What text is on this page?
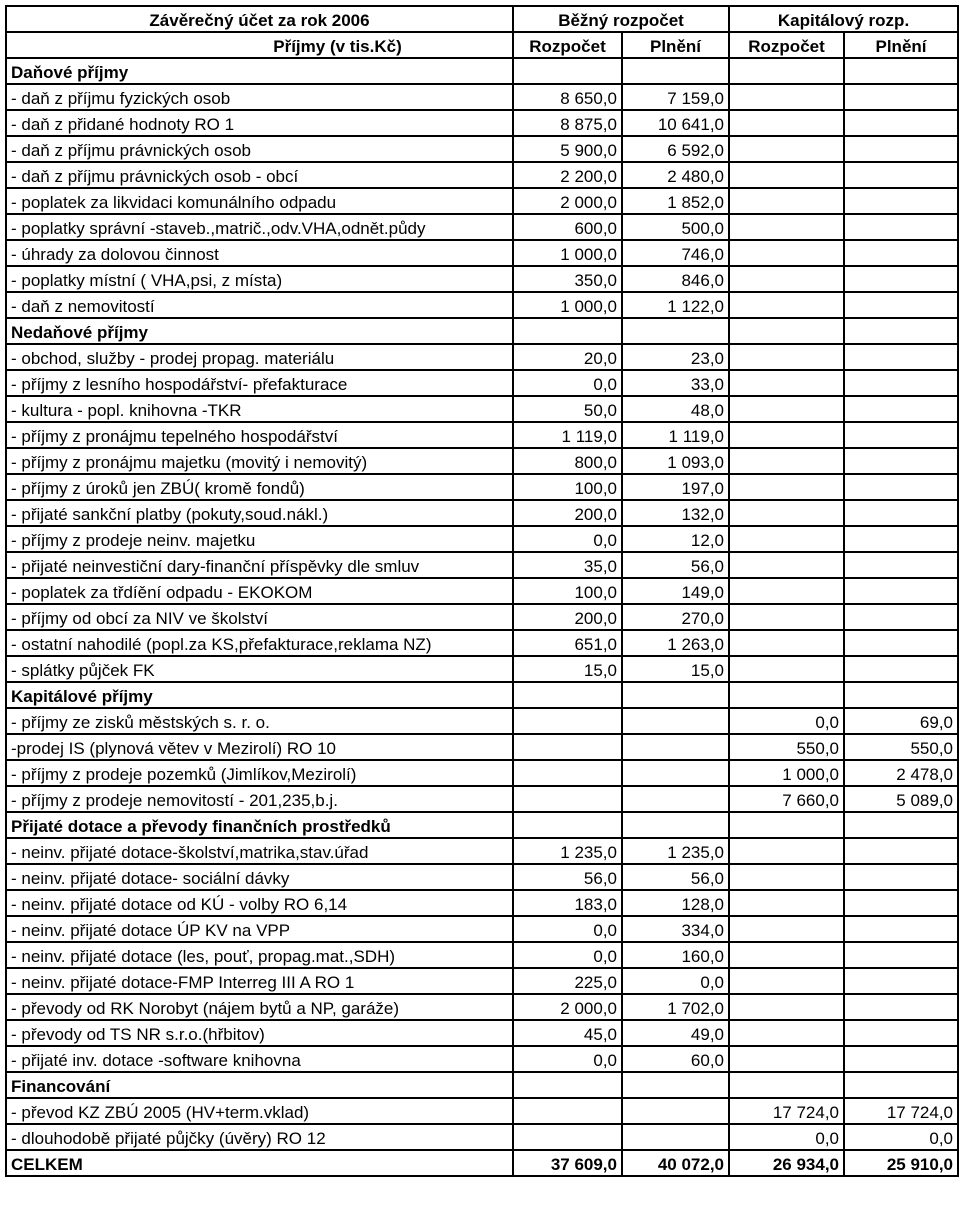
Závěrečný účet za rok 2006	Běžný rozpočet		Kapitálový rozp.	
Příjmy (v tis.Kč)	Rozpočet	Plnění	Rozpočet	Plnění
Daňové příjmy				
- daň z příjmu fyzických osob	8 650,0	7 159,0		
- daň z přidané hodnoty RO 1	8 875,0	10 641,0		
- daň z příjmu právnických osob	5 900,0	6 592,0		
- daň z příjmu právnických osob - obcí	2 200,0	2 480,0		
- poplatek za likvidaci komunálního odpadu	2 000,0	1 852,0		
- poplatky správní -staveb.,matrič.,odv.VHA,odnět.půdy	600,0	500,0		
- úhrady za dolovou činnost	1 000,0	746,0		
- poplatky místní ( VHA,psi, z místa)	350,0	846,0		
- daň z nemovitostí	1 000,0	1 122,0		
Nedaňové příjmy				
- obchod, služby - prodej propag. materiálu	20,0	23,0		
- příjmy z lesního hospodářství- přefakturace	0,0	33,0		
- kultura - popl. knihovna -TKR	50,0	48,0		
- příjmy z pronájmu tepelného hospodářství	1 119,0	1 119,0		
- příjmy z pronájmu majetku (movitý i nemovitý)	800,0	1 093,0		
- příjmy z úroků jen ZBÚ( kromě fondů)	100,0	197,0		
- přijaté sankční platby (pokuty,soud.nákl.)	200,0	132,0		
- příjmy z prodeje neinv. majetku	0,0	12,0		
- přijaté neinvestiční dary-finanční příspěvky dle smluv	35,0	56,0		
- poplatek za třdíění odpadu - EKOKOM	100,0	149,0		
- příjmy od obcí za NIV ve školství	200,0	270,0		
- ostatní nahodilé (popl.za KS,přefakturace,reklama NZ)	651,0	1 263,0		
- splátky půjček FK	15,0	15,0		
Kapitálové příjmy				
- příjmy ze zisků městských s. r. o.			0,0	69,0
-prodej IS (plynová větev v Mezirolí) RO 10			550,0	550,0
- příjmy z prodeje pozemků (Jimlíkov,Mezirolí)			1 000,0	2 478,0
- příjmy z prodeje nemovitostí - 201,235,b.j.			7 660,0	5 089,0
Přijaté dotace a převody finančních prostředků				
- neinv. přijaté dotace-školství,matrika,stav.úřad	1 235,0	1 235,0		
- neinv. přijaté dotace- sociální dávky	56,0	56,0		
- neinv. přijaté dotace od KÚ - volby RO 6,14	183,0	128,0		
- neinv. přijaté dotace ÚP KV na VPP	0,0	334,0		
- neinv. přijaté dotace (les, pouť, propag.mat.,SDH)	0,0	160,0		
- neinv. přijaté dotace-FMP Interreg III A RO 1	225,0	0,0		
- převody od RK Norobyt (nájem bytů a NP, garáže)	2 000,0	1 702,0		
- převody od TS NR s.r.o.(hřbitov)	45,0	49,0		
- přijaté inv. dotace -software knihovna	0,0	60,0		
Financování				
- převod KZ ZBÚ 2005 (HV+term.vklad)			17 724,0	17 724,0
- dlouhodobě přijaté půjčky (úvěry) RO 12			0,0	0,0
CELKEM	37 609,0	40 072,0	26 934,0	25 910,0
